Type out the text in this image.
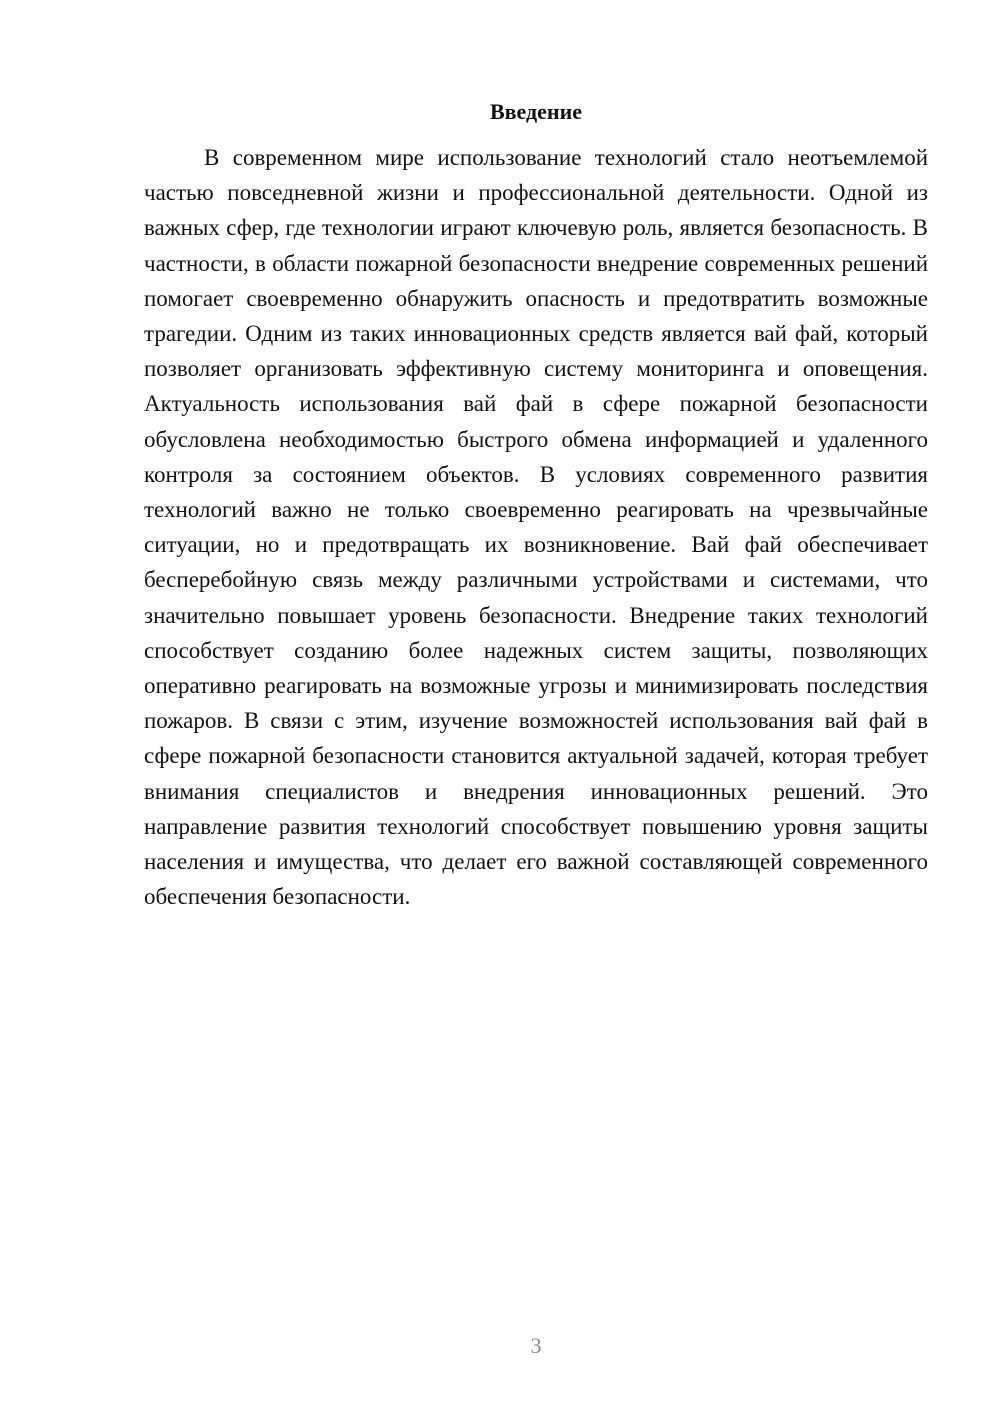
Введение

В современном мире использование технологий стало неотъемлемой частью повседневной жизни и профессиональной деятельности. Одной из важных сфер, где технологии играют ключевую роль, является безопасность. В частности, в области пожарной безопасности внедрение современных решений помогает своевременно обнаружить опасность и предотвратить возможные трагедии. Одним из таких инновационных средств является вай фай, который позволяет организовать эффективную систему мониторинга и оповещения. Актуальность использования вай фай в сфере пожарной безопасности обусловлена необходимостью быстрого обмена информацией и удаленного контроля за состоянием объектов. В условиях современного развития технологий важно не только своевременно реагировать на чрезвычайные ситуации, но и предотвращать их возникновение. Вай фай обеспечивает бесперебойную связь между различными устройствами и системами, что значительно повышает уровень безопасности. Внедрение таких технологий способствует созданию более надежных систем защиты, позволяющих оперативно реагировать на возможные угрозы и минимизировать последствия пожаров. В связи с этим, изучение возможностей использования вай фай в сфере пожарной безопасности становится актуальной задачей, которая требует внимания специалистов и внедрения инновационных решений. Это направление развития технологий способствует повышению уровня защиты населения и имущества, что делает его важной составляющей современного обеспечения безопасности.

3
